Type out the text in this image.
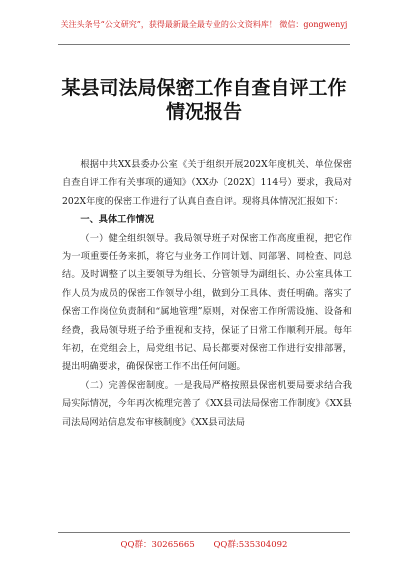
关注头条号“公文研究”，获得最新最全最专业的公文资料库！ 微信：gongwenyj
某县司法局保密工作自查自评工作
情况报告

根据中共XX县委办公室《关于组织开展202X年度机关、单位保密自查自评工作有关事项的通知》（XX办〔202X〕114号）要求，我局对202X年度的保密工作进行了认真自查自评。现将具体情况汇报如下：

一、具体工作情况

（一）健全组织领导。我局领导班子对保密工作高度重视，把它作为一项重要任务来抓，将它与业务工作同计划、同部署、同检查、同总结。及时调整了以主要领导为组长、分管领导为副组长、办公室具体工作人员为成员的保密工作领导小组，做到分工具体、责任明确。落实了保密工作岗位负责制和“属地管理”原则，对保密工作所需设施、设备和经费，我局领导班子给予重视和支持，保证了日常工作顺利开展。每年年初，在党组会上，局党组书记、局长都要对保密工作进行安排部署，提出明确要求，确保保密工作不出任何问题。

（二）完善保密制度。一是我局严格按照县保密机要局要求结合我局实际情况，今年再次梳理完善了《XX县司法局保密工作制度》《XX县司法局网站信息发布审核制度》《XX县司法局

QQ群：30265665 QQ群:535304092
